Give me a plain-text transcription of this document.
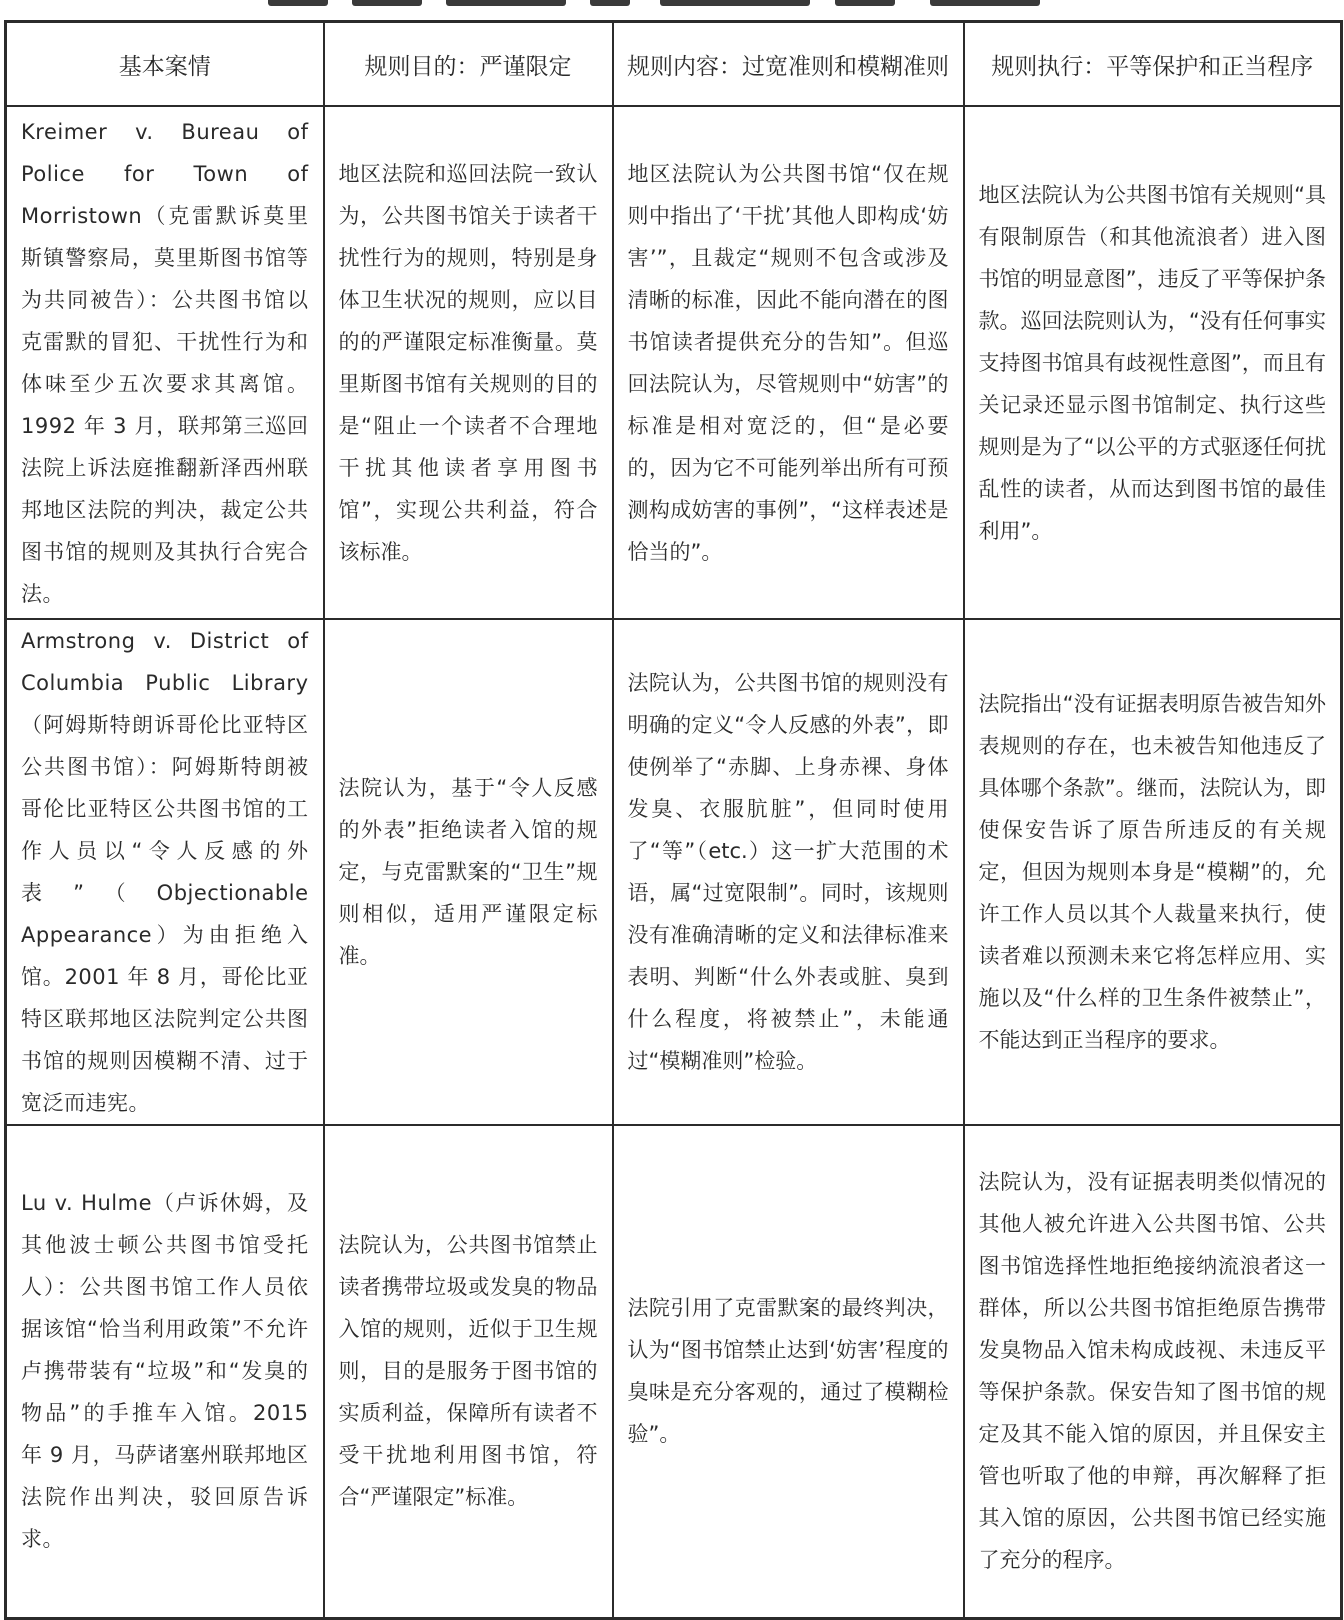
基本案情	规则目的：严谨限定	规则内容：过宽准则和模糊准则	规则执行：平等保护和正当程序
Kreimer v. Bureau of Police for Town of Morristown（克雷默诉莫里斯镇警察局，莫里斯图书馆等为共同被告）：公共图书馆以克雷默的冒犯、干扰性行为和体味至少五次要求其离馆。1992 年 3 月，联邦第三巡回法院上诉法庭推翻新泽西州联邦地区法院的判决，裁定公共图书馆的规则及其执行合宪合法。	地区法院和巡回法院一致认为，公共图书馆关于读者干扰性行为的规则，特别是身体卫生状况的规则，应以目的的严谨限定标准衡量。莫里斯图书馆有关规则的目的是“阻止一个读者不合理地干扰其他读者享用图书馆”，实现公共利益，符合该标准。	地区法院认为公共图书馆“仅在规则中指出了‘干扰’其他人即构成‘妨害’”，且裁定“规则不包含或涉及清晰的标准，因此不能向潜在的图书馆读者提供充分的告知”。但巡回法院认为，尽管规则中“妨害”的标准是相对宽泛的，但“是必要的，因为它不可能列举出所有可预测构成妨害的事例”，“这样表述是恰当的”。	地区法院认为公共图书馆有关规则“具有限制原告（和其他流浪者）进入图书馆的明显意图”，违反了平等保护条款。巡回法院则认为，“没有任何事实支持图书馆具有歧视性意图”，而且有关记录还显示图书馆制定、执行这些规则是为了“以公平的方式驱逐任何扰乱性的读者，从而达到图书馆的最佳利用”。
Armstrong v. District of Columbia Public Library（阿姆斯特朗诉哥伦比亚特区公共图书馆）：阿姆斯特朗被哥伦比亚特区公共图书馆的工作人员以“令人反感的外表”（Objectionable Appearance）为由拒绝入馆。2001 年 8 月，哥伦比亚特区联邦地区法院判定公共图书馆的规则因模糊不清、过于宽泛而违宪。	法院认为，基于“令人反感的外表”拒绝读者入馆的规定，与克雷默案的“卫生”规则相似，适用严谨限定标准。	法院认为，公共图书馆的规则没有明确的定义“令人反感的外表”，即使例举了“赤脚、上身赤裸、身体发臭、衣服肮脏”，但同时使用了“等”（etc.）这一扩大范围的术语，属“过宽限制”。同时，该规则没有准确清晰的定义和法律标准来表明、判断“什么外表或脏、臭到什么程度，将被禁止”，未能通过“模糊准则”检验。	法院指出“没有证据表明原告被告知外表规则的存在，也未被告知他违反了具体哪个条款”。继而，法院认为，即使保安告诉了原告所违反的有关规定，但因为规则本身是“模糊”的，允许工作人员以其个人裁量来执行，使读者难以预测未来它将怎样应用、实施以及“什么样的卫生条件被禁止”，不能达到正当程序的要求。
Lu v. Hulme（卢诉休姆，及其他波士顿公共图书馆受托人）：公共图书馆工作人员依据该馆“恰当利用政策”不允许卢携带装有“垃圾”和“发臭的物品”的手推车入馆。2015 年 9 月，马萨诸塞州联邦地区法院作出判决，驳回原告诉求。	法院认为，公共图书馆禁止读者携带垃圾或发臭的物品入馆的规则，近似于卫生规则，目的是服务于图书馆的实质利益，保障所有读者不受干扰地利用图书馆，符合“严谨限定”标准。	法院引用了克雷默案的最终判决，认为“图书馆禁止达到‘妨害’程度的臭味是充分客观的，通过了模糊检验”。	法院认为，没有证据表明类似情况的其他人被允许进入公共图书馆、公共图书馆选择性地拒绝接纳流浪者这一群体，所以公共图书馆拒绝原告携带发臭物品入馆未构成歧视、未违反平等保护条款。保安告知了图书馆的规定及其不能入馆的原因，并且保安主管也听取了他的申辩，再次解释了拒其入馆的原因，公共图书馆已经实施了充分的程序。
